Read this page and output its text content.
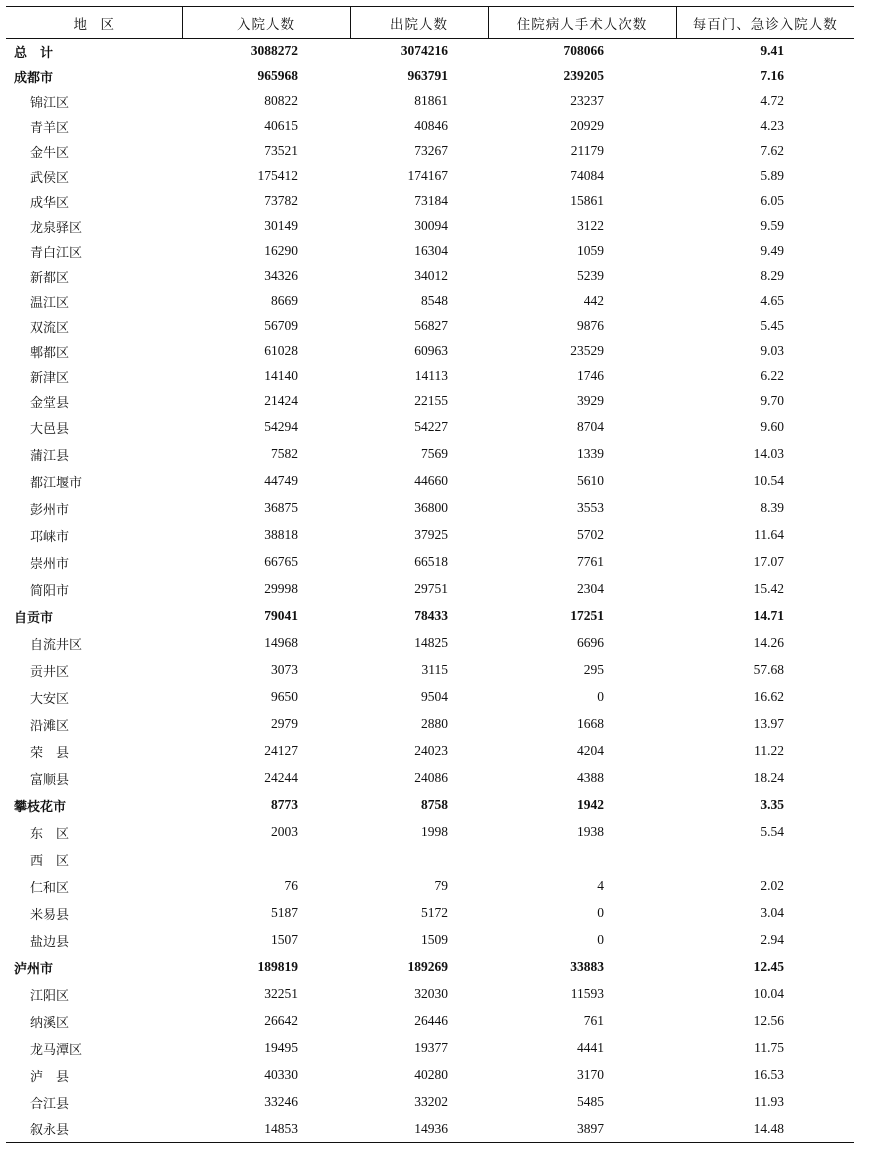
地　区	入院人数	出院人数	住院病人手术人次数	每百门、急诊入院人数
总　计	3088272	3074216	708066	9.41
成都市	965968	963791	239205	7.16
锦江区	80822	81861	23237	4.72
青羊区	40615	40846	20929	4.23
金牛区	73521	73267	21179	7.62
武侯区	175412	174167	74084	5.89
成华区	73782	73184	15861	6.05
龙泉驿区	30149	30094	3122	9.59
青白江区	16290	16304	1059	9.49
新都区	34326	34012	5239	8.29
温江区	8669	8548	442	4.65
双流区	56709	56827	9876	5.45
郫都区	61028	60963	23529	9.03
新津区	14140	14113	1746	6.22
金堂县	21424	22155	3929	9.70
大邑县	54294	54227	8704	9.60
蒲江县	7582	7569	1339	14.03
都江堰市	44749	44660	5610	10.54
彭州市	36875	36800	3553	8.39
邛崃市	38818	37925	5702	11.64
崇州市	66765	66518	7761	17.07
简阳市	29998	29751	2304	15.42
自贡市	79041	78433	17251	14.71
自流井区	14968	14825	6696	14.26
贡井区	3073	3115	295	57.68
大安区	9650	9504	0	16.62
沿滩区	2979	2880	1668	13.97
荣　县	24127	24023	4204	11.22
富顺县	24244	24086	4388	18.24
攀枝花市	8773	8758	1942	3.35
东　区	2003	1998	1938	5.54
西　区				
仁和区	76	79	4	2.02
米易县	5187	5172	0	3.04
盐边县	1507	1509	0	2.94
泸州市	189819	189269	33883	12.45
江阳区	32251	32030	11593	10.04
纳溪区	26642	26446	761	12.56
龙马潭区	19495	19377	4441	11.75
泸　县	40330	40280	3170	16.53
合江县	33246	33202	5485	11.93
叙永县	14853	14936	3897	14.48
